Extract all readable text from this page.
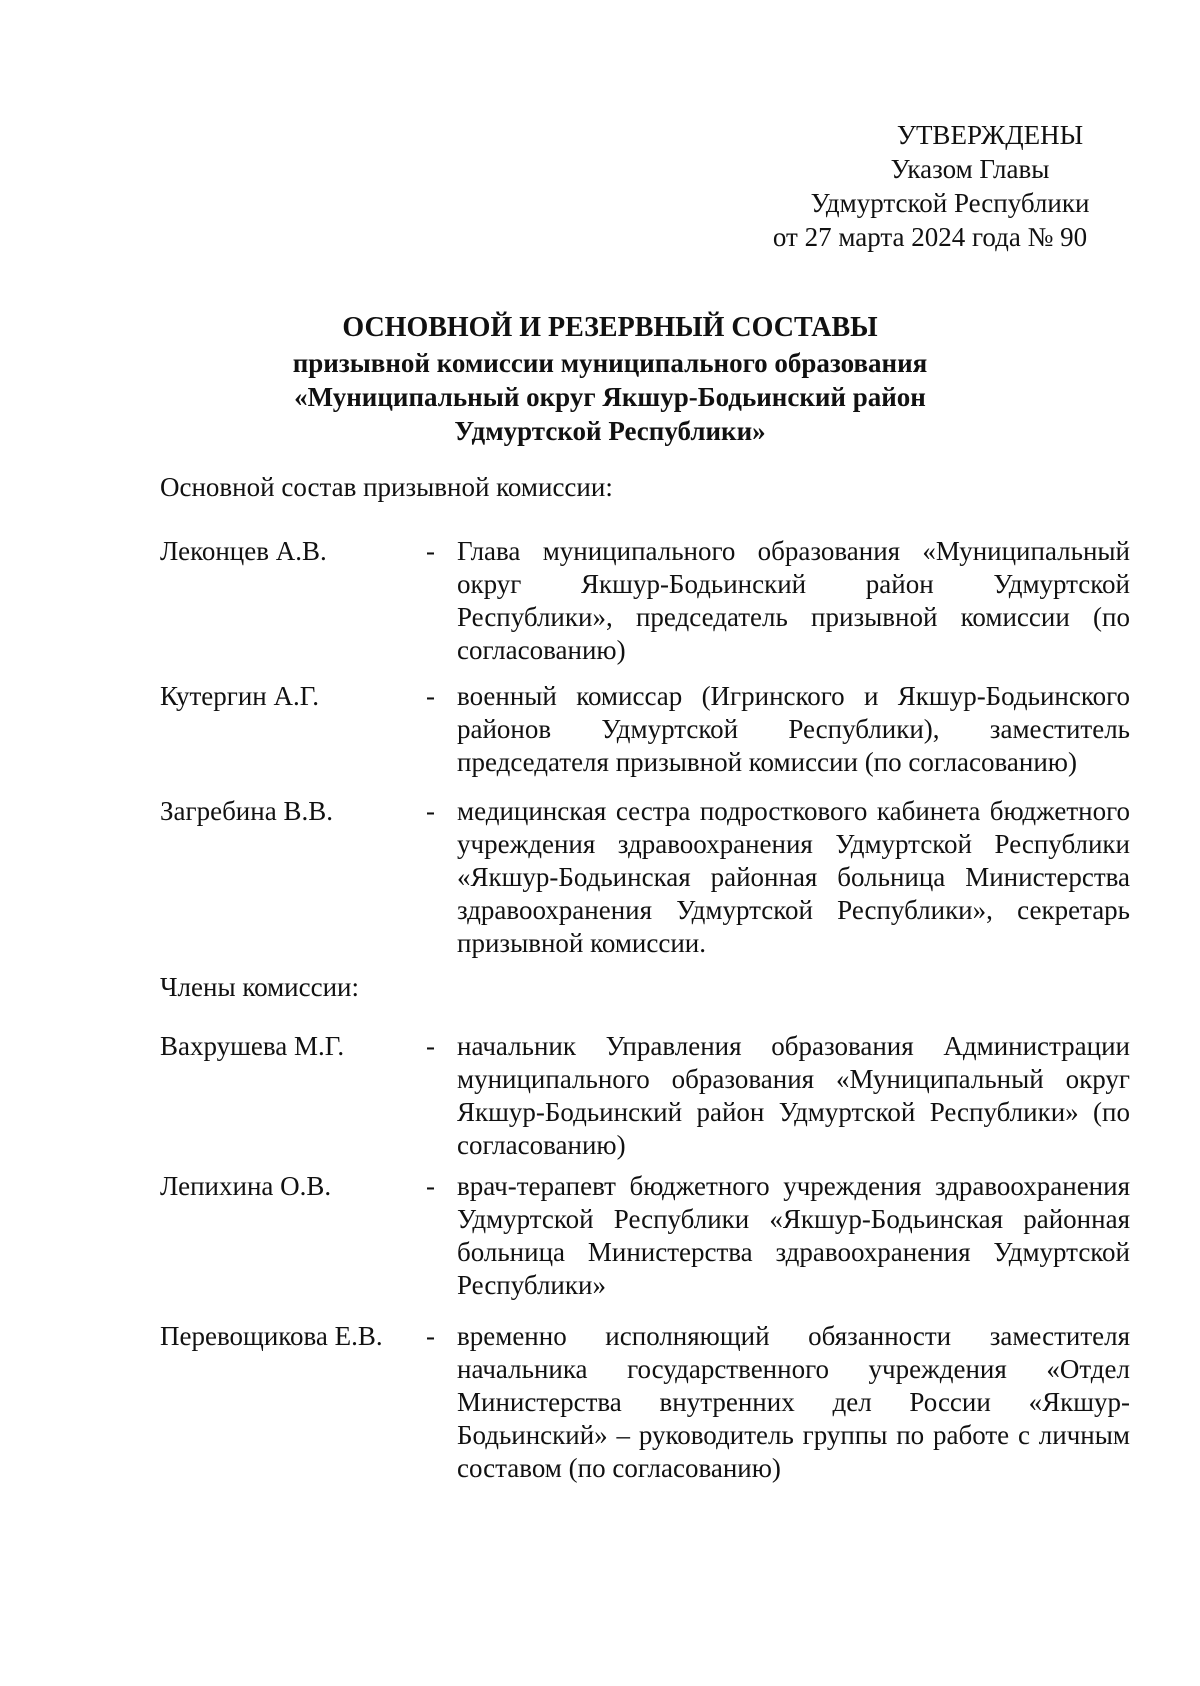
УТВЕРЖДЕНЫ
Указом Главы
Удмуртской Республики
от 27 марта 2024 года № 90
ОСНОВНОЙ И РЕЗЕРВНЫЙ СОСТАВЫ
призывной комиссии муниципального образования
«Муниципальный округ Якшур-Бодьинский район
Удмуртской Республики»
Основной состав призывной комиссии:
Леконцев А.В.	- Глава муниципального образования «Муниципальный округ Якшур-Бодьинский район Удмуртской Республики», председатель призывной комиссии (по согласованию)
Кутергин А.Г.	- военный комиссар (Игринского и Якшур-Бодьинского районов Удмуртской Республики), заместитель председателя призывной комиссии (по согласованию)
Загребина В.В.	- медицинская сестра подросткового кабинета бюджетного учреждения здравоохранения Удмуртской Республики «Якшур-Бодьинская районная больница Министерства здравоохранения Удмуртской Республики», секретарь призывной комиссии.
Члены комиссии:
Вахрушева М.Г.	- начальник Управления образования Администрации муниципального образования «Муниципальный округ Якшур-Бодьинский район Удмуртской Республики» (по согласованию)
Лепихина О.В.	- врач-терапевт бюджетного учреждения здравоохранения Удмуртской Республики «Якшур-Бодьинская районная больница Министерства здравоохранения Удмуртской Республики»
Перевощикова Е.В. - временно исполняющий обязанности заместителя начальника государственного учреждения «Отдел Министерства внутренних дел России «Якшур-Бодьинский» – руководитель группы по работе с личным составом (по согласованию)
